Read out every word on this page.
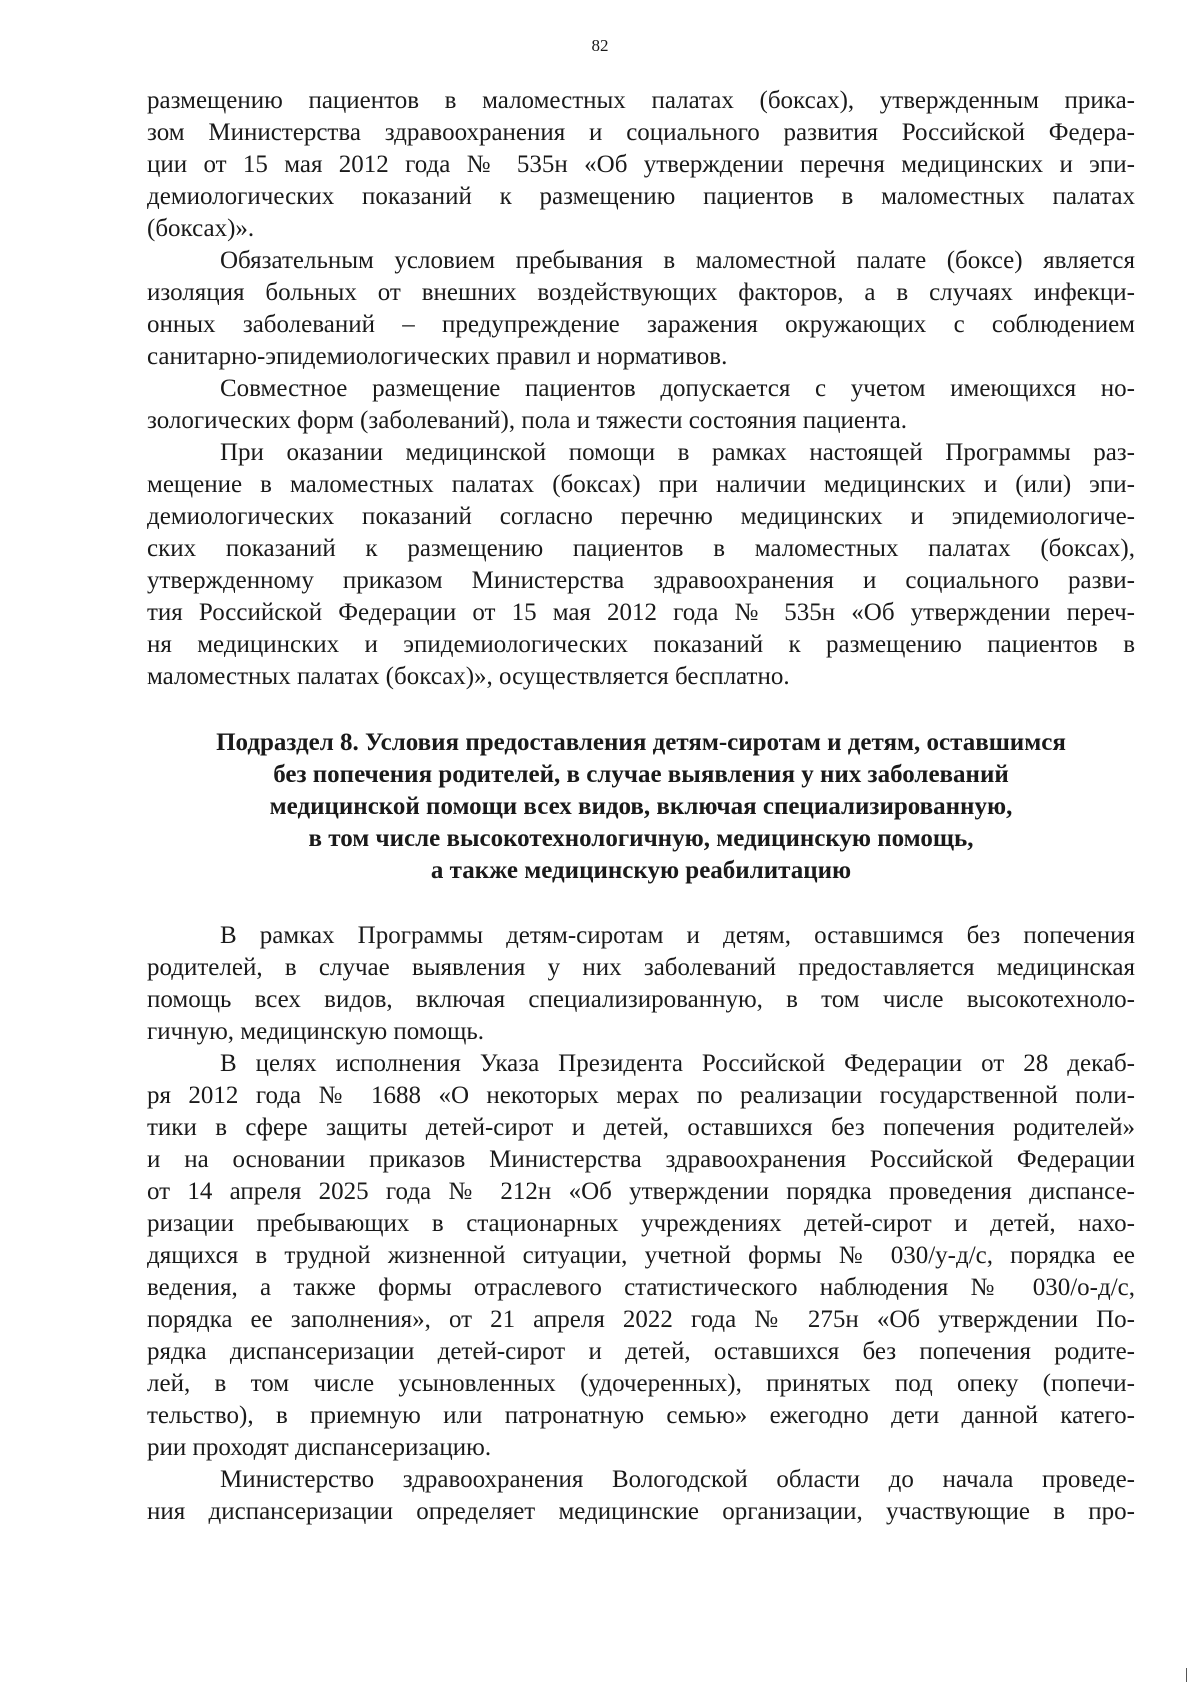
82
размещению пациентов в маломестных палатах (боксах), утвержденным прика-
зом Министерства здравоохранения и социального развития Российской Федера-
ции от 15 мая 2012 года № 535н «Об утверждении перечня медицинских и эпи-
демиологических показаний к размещению пациентов в маломестных палатах
(боксах)».
Обязательным условием пребывания в маломестной палате (боксе) является
изоляция больных от внешних воздействующих факторов, а в случаях инфекци-
онных заболеваний – предупреждение заражения окружающих с соблюдением
санитарно-эпидемиологических правил и нормативов.
Совместное размещение пациентов допускается с учетом имеющихся но-
зологических форм (заболеваний), пола и тяжести состояния пациента.
При оказании медицинской помощи в рамках настоящей Программы раз-
мещение в маломестных палатах (боксах) при наличии медицинских и (или) эпи-
демиологических показаний согласно перечню медицинских и эпидемиологиче-
ских показаний к размещению пациентов в маломестных палатах (боксах),
утвержденному приказом Министерства здравоохранения и социального разви-
тия Российской Федерации от 15 мая 2012 года № 535н «Об утверждении переч-
ня медицинских и эпидемиологических показаний к размещению пациентов в
маломестных палатах (боксах)», осуществляется бесплатно.
Подраздел 8. Условия предоставления детям-сиротам и детям, оставшимся
без попечения родителей, в случае выявления у них заболеваний
медицинской помощи всех видов, включая специализированную,
в том числе высокотехнологичную, медицинскую помощь,
а также медицинскую реабилитацию
В рамках Программы детям-сиротам и детям, оставшимся без попечения
родителей, в случае выявления у них заболеваний предоставляется медицинская
помощь всех видов, включая специализированную, в том числе высокотехноло-
гичную, медицинскую помощь.
В целях исполнения Указа Президента Российской Федерации от 28 декаб-
ря 2012 года № 1688 «О некоторых мерах по реализации государственной поли-
тики в сфере защиты детей-сирот и детей, оставшихся без попечения родителей»
и на основании приказов Министерства здравоохранения Российской Федерации
от 14 апреля 2025 года № 212н «Об утверждении порядка проведения диспансе-
ризации пребывающих в стационарных учреждениях детей-сирот и детей, нахо-
дящихся в трудной жизненной ситуации, учетной формы № 030/у-д/с, порядка ее
ведения, а также формы отраслевого статистического наблюдения № 030/о-д/с,
порядка ее заполнения», от 21 апреля 2022 года № 275н «Об утверждении По-
рядка диспансеризации детей-сирот и детей, оставшихся без попечения родите-
лей, в том числе усыновленных (удочеренных), принятых под опеку (попечи-
тельство), в приемную или патронатную семью» ежегодно дети данной катего-
рии проходят диспансеризацию.
Министерство здравоохранения Вологодской области до начала проведе-
ния диспансеризации определяет медицинские организации, участвующие в про-
